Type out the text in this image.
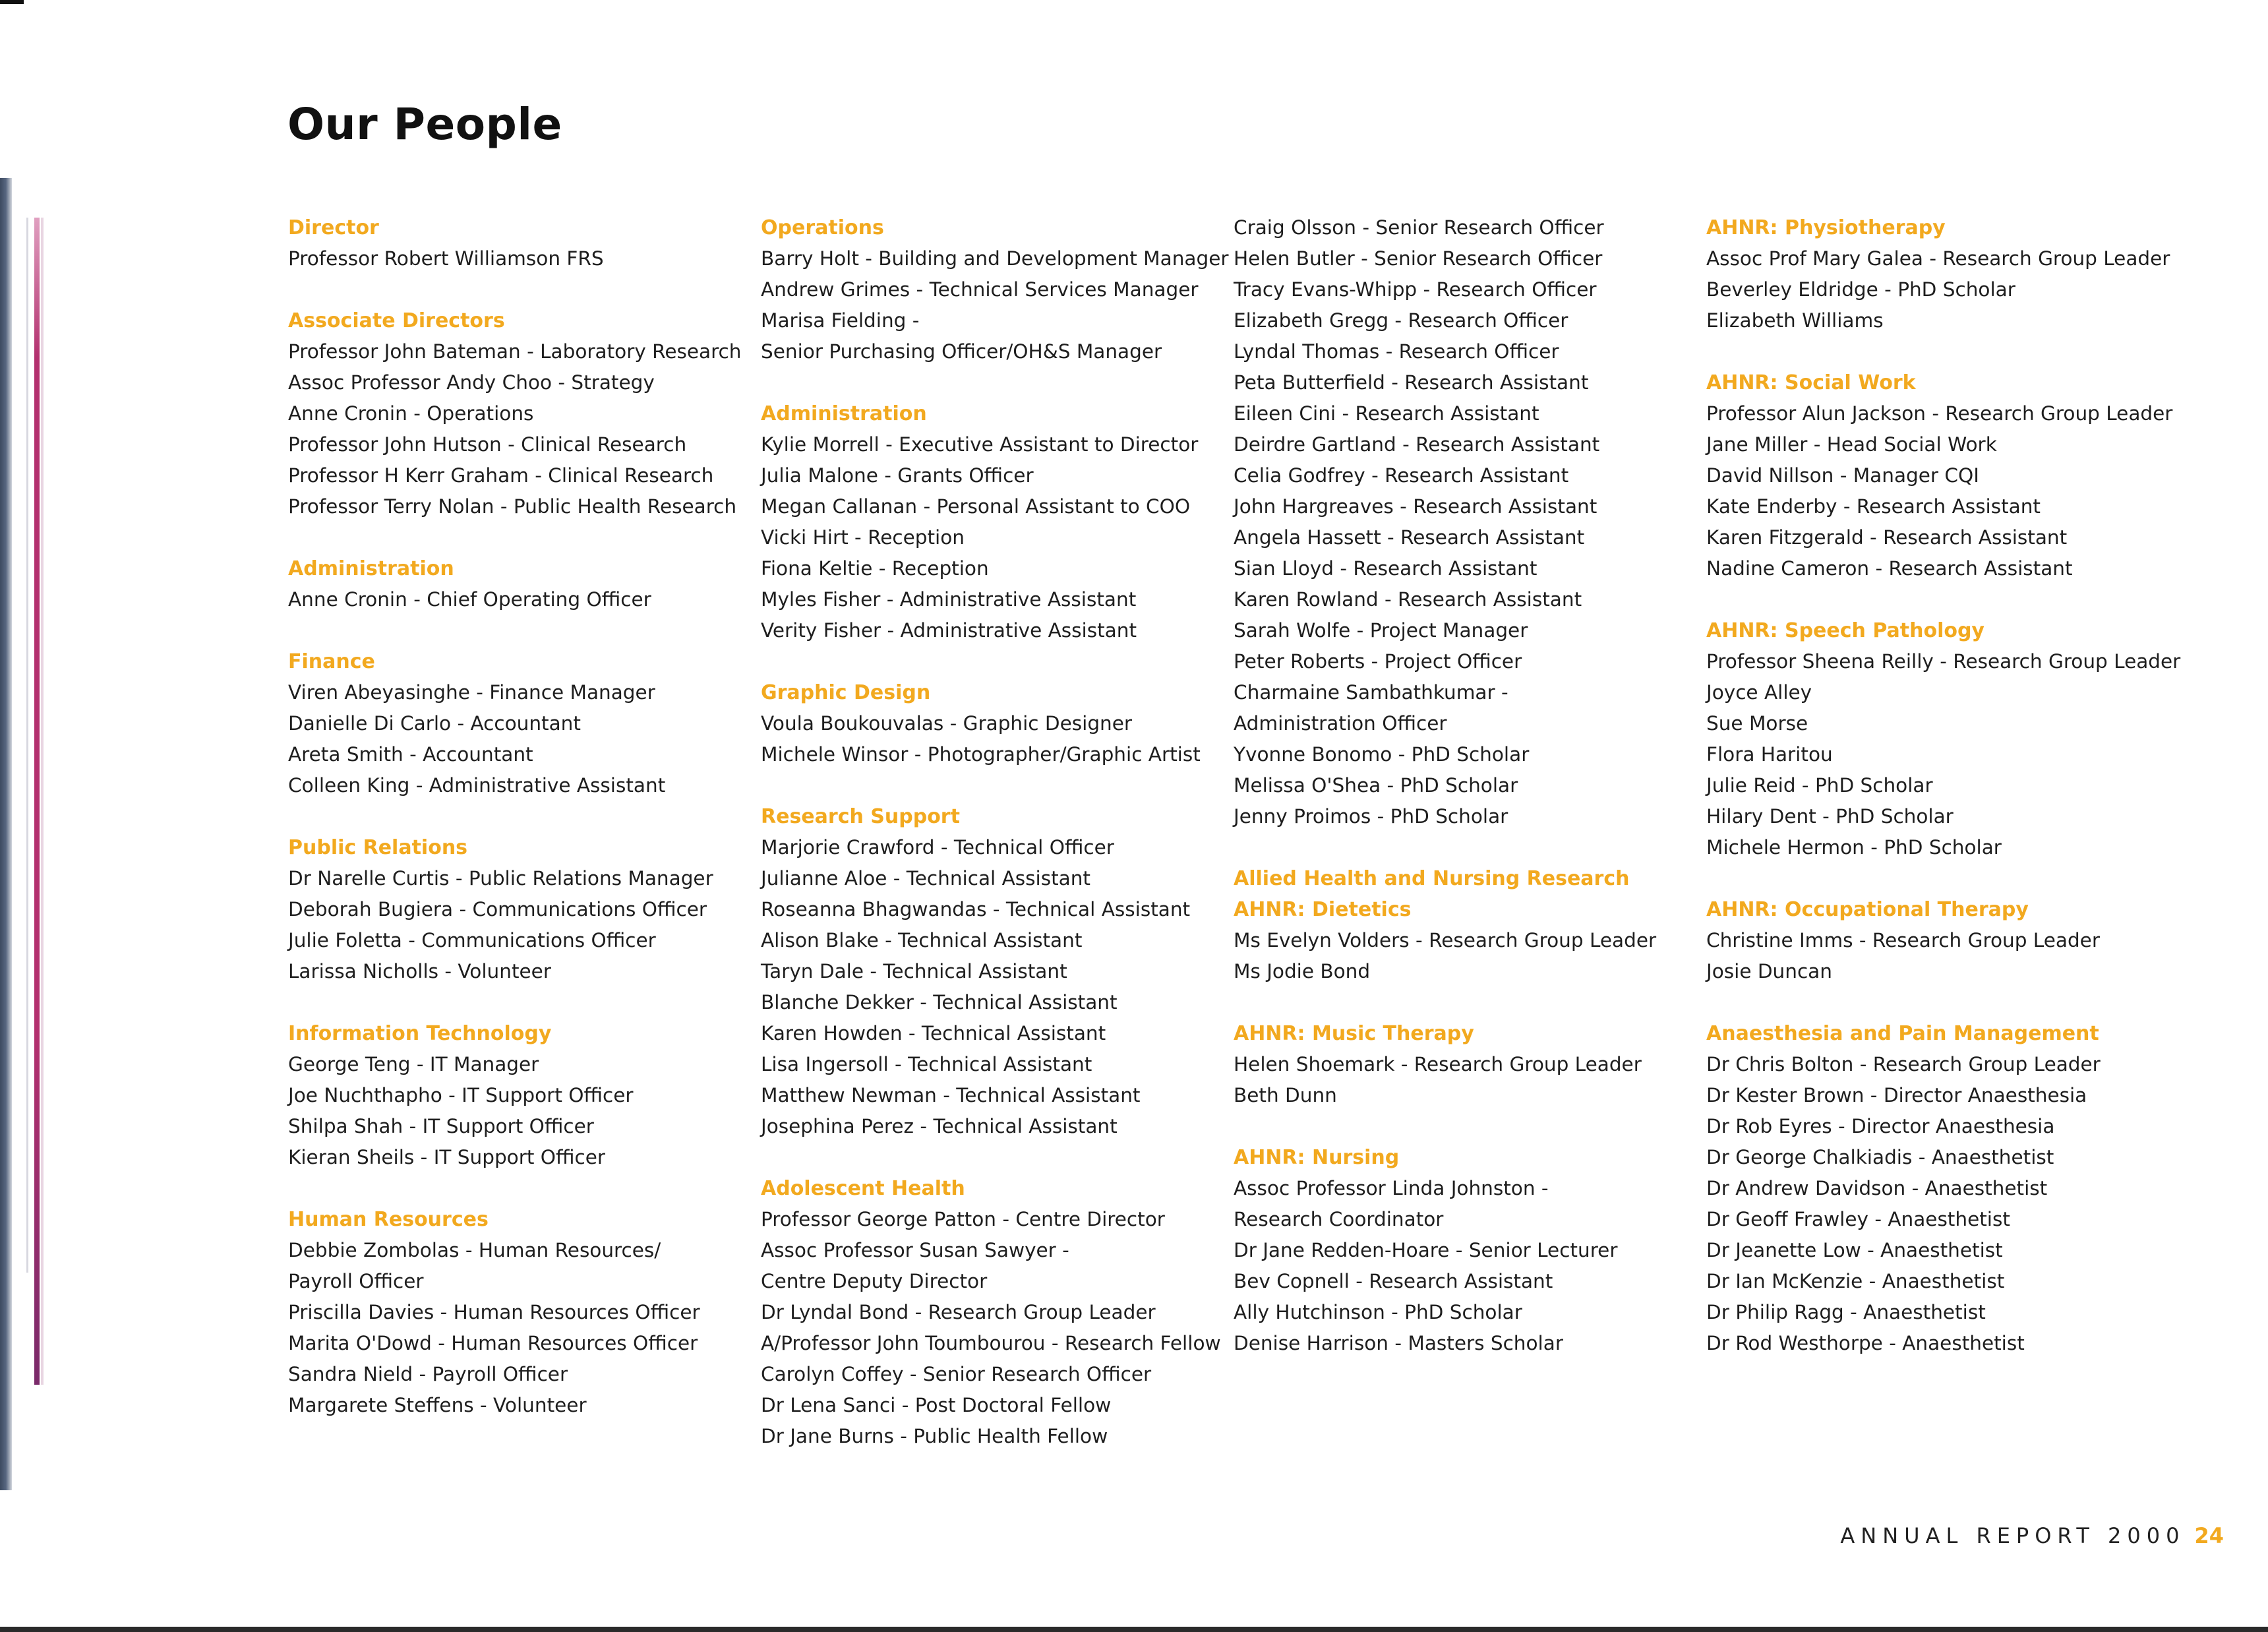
Our People
Director
Professor Robert Williamson FRS
Associate Directors
Professor John Bateman - Laboratory Research
Assoc Professor Andy Choo - Strategy
Anne Cronin - Operations
Professor John Hutson - Clinical Research
Professor H Kerr Graham - Clinical Research
Professor Terry Nolan - Public Health Research
Administration
Anne Cronin - Chief Operating Officer
Finance
Viren Abeyasinghe - Finance Manager
Danielle Di Carlo - Accountant
Areta Smith - Accountant
Colleen King - Administrative Assistant
Public Relations
Dr Narelle Curtis - Public Relations Manager
Deborah Bugiera - Communications Officer
Julie Foletta - Communications Officer
Larissa Nicholls - Volunteer
Information Technology
George Teng - IT Manager
Joe Nuchthapho - IT Support Officer
Shilpa Shah - IT Support Officer
Kieran Sheils - IT Support Officer
Human Resources
Debbie Zombolas - Human Resources/
Payroll Officer
Priscilla Davies - Human Resources Officer
Marita O'Dowd - Human Resources Officer
Sandra Nield - Payroll Officer
Margarete Steffens - Volunteer
Operations
Barry Holt - Building and Development Manager
Andrew Grimes - Technical Services Manager
Marisa Fielding -
Senior Purchasing Officer/OH&S Manager
Administration
Kylie Morrell - Executive Assistant to Director
Julia Malone - Grants Officer
Megan Callanan - Personal Assistant to COO
Vicki Hirt - Reception
Fiona Keltie - Reception
Myles Fisher - Administrative Assistant
Verity Fisher - Administrative Assistant
Graphic Design
Voula Boukouvalas - Graphic Designer
Michele Winsor - Photographer/Graphic Artist
Research Support
Marjorie Crawford - Technical Officer
Julianne Aloe - Technical Assistant
Roseanna Bhagwandas - Technical Assistant
Alison Blake - Technical Assistant
Taryn Dale - Technical Assistant
Blanche Dekker - Technical Assistant
Karen Howden - Technical Assistant
Lisa Ingersoll - Technical Assistant
Matthew Newman - Technical Assistant
Josephina Perez - Technical Assistant
Adolescent Health
Professor George Patton - Centre Director
Assoc Professor Susan Sawyer -
Centre Deputy Director
Dr Lyndal Bond - Research Group Leader
A/Professor John Toumbourou - Research Fellow
Carolyn Coffey - Senior Research Officer
Dr Lena Sanci - Post Doctoral Fellow
Dr Jane Burns - Public Health Fellow
Craig Olsson - Senior Research Officer
Helen Butler - Senior Research Officer
Tracy Evans-Whipp - Research Officer
Elizabeth Gregg - Research Officer
Lyndal Thomas - Research Officer
Peta Butterfield - Research Assistant
Eileen Cini - Research Assistant
Deirdre Gartland - Research Assistant
Celia Godfrey - Research Assistant
John Hargreaves - Research Assistant
Angela Hassett - Research Assistant
Sian Lloyd - Research Assistant
Karen Rowland - Research Assistant
Sarah Wolfe - Project Manager
Peter Roberts - Project Officer
Charmaine Sambathkumar -
Administration Officer
Yvonne Bonomo - PhD Scholar
Melissa O'Shea - PhD Scholar
Jenny Proimos - PhD Scholar
Allied Health and Nursing Research
AHNR: Dietetics
Ms Evelyn Volders - Research Group Leader
Ms Jodie Bond
AHNR: Music Therapy
Helen Shoemark - Research Group Leader
Beth Dunn
AHNR: Nursing
Assoc Professor Linda Johnston -
Research Coordinator
Dr Jane Redden-Hoare - Senior Lecturer
Bev Copnell - Research Assistant
Ally Hutchinson - PhD Scholar
Denise Harrison - Masters Scholar
AHNR: Physiotherapy
Assoc Prof Mary Galea - Research Group Leader
Beverley Eldridge - PhD Scholar
Elizabeth Williams
AHNR: Social Work
Professor Alun Jackson - Research Group Leader
Jane Miller - Head Social Work
David Nillson - Manager CQI
Kate Enderby - Research Assistant
Karen Fitzgerald - Research Assistant
Nadine Cameron - Research Assistant
AHNR: Speech Pathology
Professor Sheena Reilly - Research Group Leader
Joyce Alley
Sue Morse
Flora Haritou
Julie Reid - PhD Scholar
Hilary Dent - PhD Scholar
Michele Hermon - PhD Scholar
AHNR: Occupational Therapy
Christine Imms - Research Group Leader
Josie Duncan
Anaesthesia and Pain Management
Dr Chris Bolton - Research Group Leader
Dr Kester Brown - Director Anaesthesia
Dr Rob Eyres - Director Anaesthesia
Dr George Chalkiadis - Anaesthetist
Dr Andrew Davidson - Anaesthetist
Dr Geoff Frawley - Anaesthetist
Dr Jeanette Low - Anaesthetist
Dr Ian McKenzie - Anaesthetist
Dr Philip Ragg - Anaesthetist
Dr Rod Westhorpe - Anaesthetist
ANNUAL REPORT 2000 24
